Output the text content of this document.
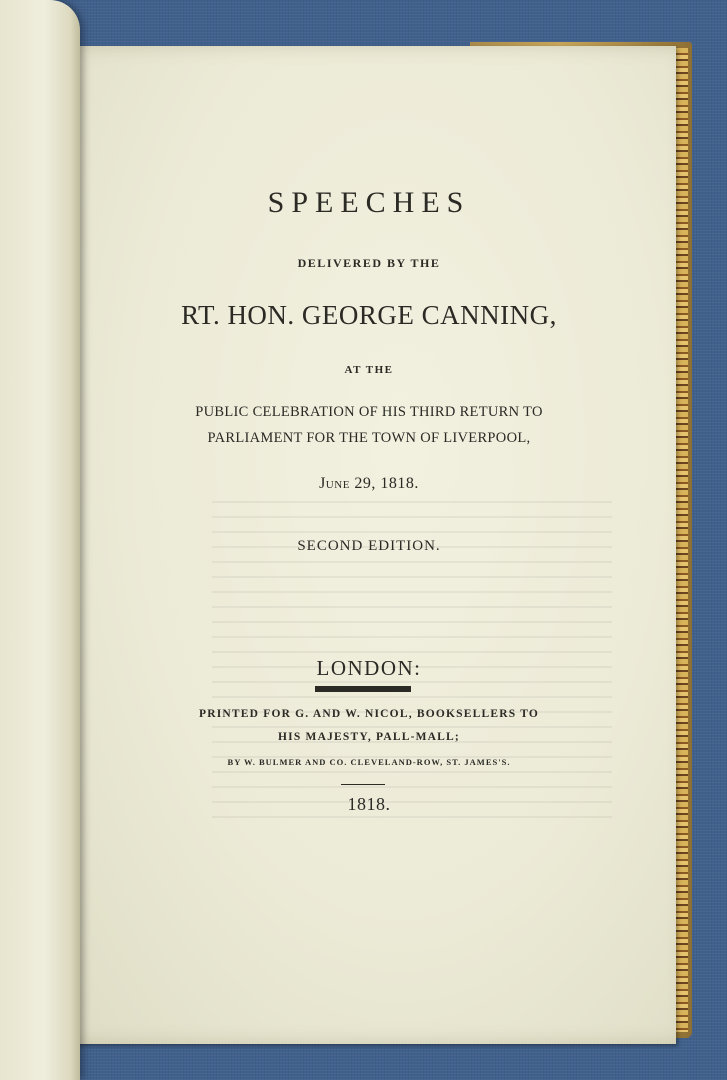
SPEECHES
DELIVERED BY THE
RT. HON. GEORGE CANNING,
AT THE
PUBLIC CELEBRATION OF HIS THIRD RETURN TO
PARLIAMENT FOR THE TOWN OF LIVERPOOL,
June 29, 1818.
SECOND EDITION.
LONDON:
PRINTED FOR G. AND W. NICOL, BOOKSELLERS TO
HIS MAJESTY, PALL-MALL;
BY W. BULMER AND CO. CLEVELAND-ROW, ST. JAMES'S.
1818.
